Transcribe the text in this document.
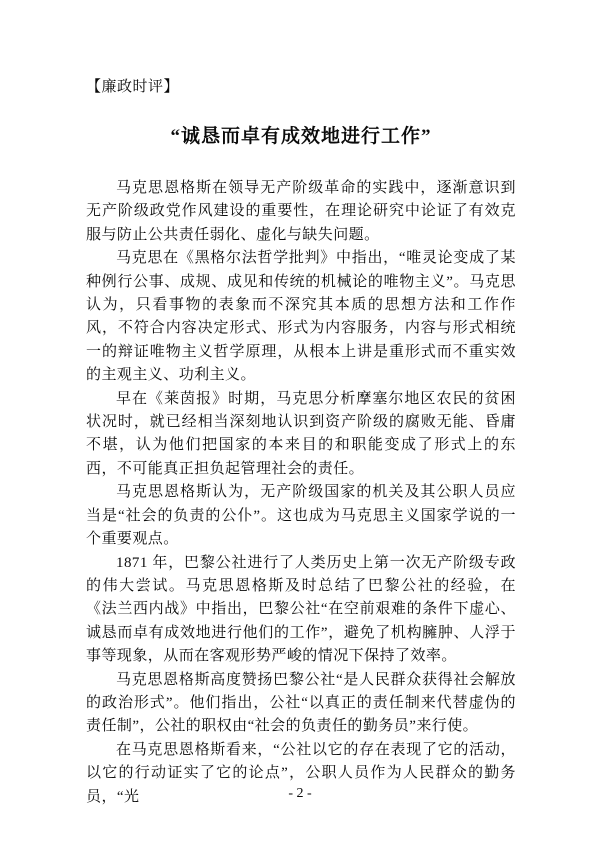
【廉政时评】
“诚恳而卓有成效地进行工作”

马克思恩格斯在领导无产阶级革命的实践中，逐渐意识到无产阶级政党作风建设的重要性，在理论研究中论证了有效克服与防止公共责任弱化、虚化与缺失问题。

马克思在《黑格尔法哲学批判》中指出，“唯灵论变成了某种例行公事、成规、成见和传统的机械论的唯物主义”。马克思认为，只看事物的表象而不深究其本质的思想方法和工作作风，不符合内容决定形式、形式为内容服务，内容与形式相统一的辩证唯物主义哲学原理，从根本上讲是重形式而不重实效的主观主义、功利主义。

早在《莱茵报》时期，马克思分析摩塞尔地区农民的贫困状况时，就已经相当深刻地认识到资产阶级的腐败无能、昏庸不堪，认为他们把国家的本来目的和职能变成了形式上的东西，不可能真正担负起管理社会的责任。

马克思恩格斯认为，无产阶级国家的机关及其公职人员应当是“社会的负责的公仆”。这也成为马克思主义国家学说的一个重要观点。

1871 年，巴黎公社进行了人类历史上第一次无产阶级专政的伟大尝试。马克思恩格斯及时总结了巴黎公社的经验，在《法兰西内战》中指出，巴黎公社“在空前艰难的条件下虚心、诚恳而卓有成效地进行他们的工作”，避免了机构臃肿、人浮于事等现象，从而在客观形势严峻的情况下保持了效率。

马克思恩格斯高度赞扬巴黎公社“是人民群众获得社会解放的政治形式”。他们指出，公社“以真正的责任制来代替虚伪的责任制”，公社的职权由“社会的负责任的勤务员”来行使。

在马克思恩格斯看来，“公社以它的存在表现了它的活动，以它的行动证实了它的论点”，公职人员作为人民群众的勤务员，“光	- 2 -
